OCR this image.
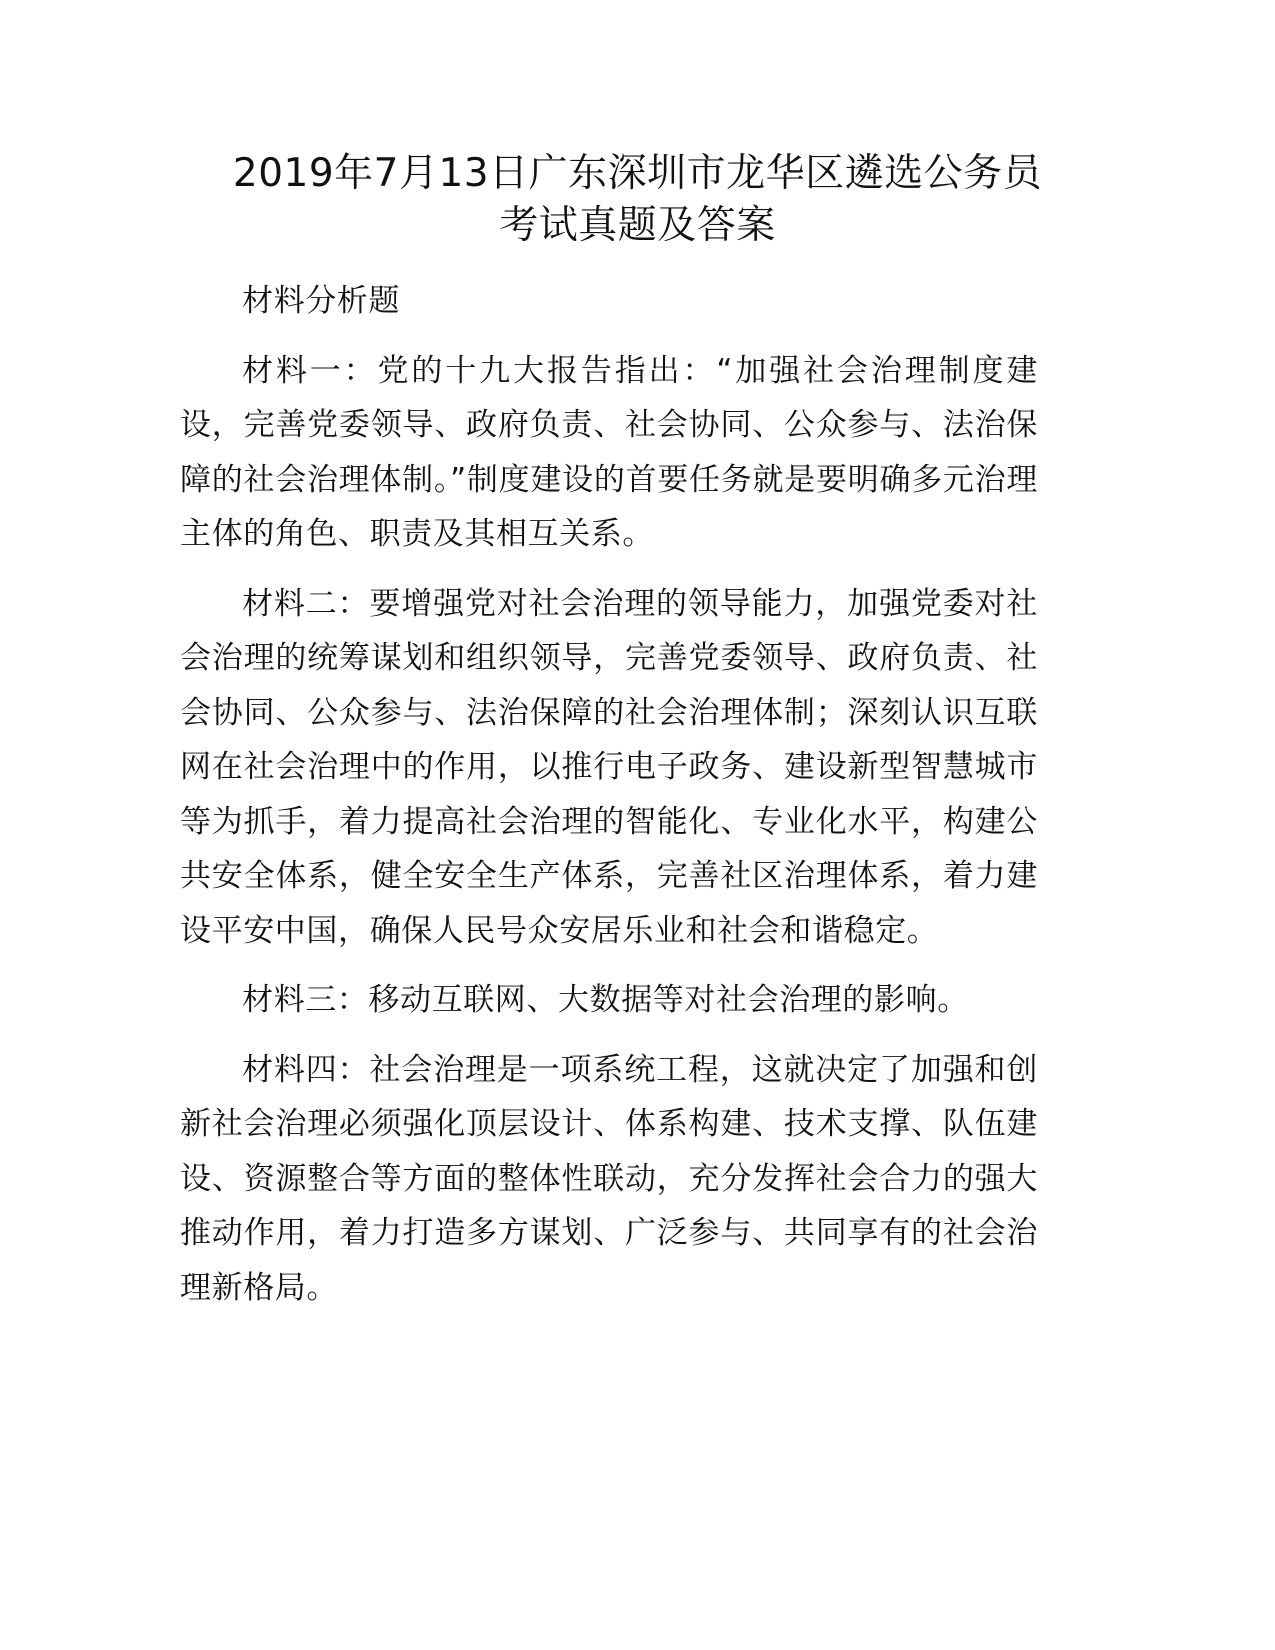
2019年7月13日广东深圳市龙华区遴选公务员
考试真题及答案

材料分析题

材料一：党的十九大报告指出：“加强社会治理制度建设，完善党委领导、政府负责、社会协同、公众参与、法治保障的社会治理体制。”制度建设的首要任务就是要明确多元治理主体的角色、职责及其相互关系。

材料二：要增强党对社会治理的领导能力，加强党委对社会治理的统筹谋划和组织领导，完善党委领导、政府负责、社会协同、公众参与、法治保障的社会治理体制；深刻认识互联网在社会治理中的作用，以推行电子政务、建设新型智慧城市等为抓手，着力提高社会治理的智能化、专业化水平，构建公共安全体系，健全安全生产体系，完善社区治理体系，着力建设平安中国，确保人民号众安居乐业和社会和谐稳定。

材料三：移动互联网、大数据等对社会治理的影响。

材料四：社会治理是一项系统工程，这就决定了加强和创新社会治理必须强化顶层设计、体系构建、技术支撑、队伍建设、资源整合等方面的整体性联动，充分发挥社会合力的强大推动作用，着力打造多方谋划、广泛参与、共同享有的社会治理新格局。
